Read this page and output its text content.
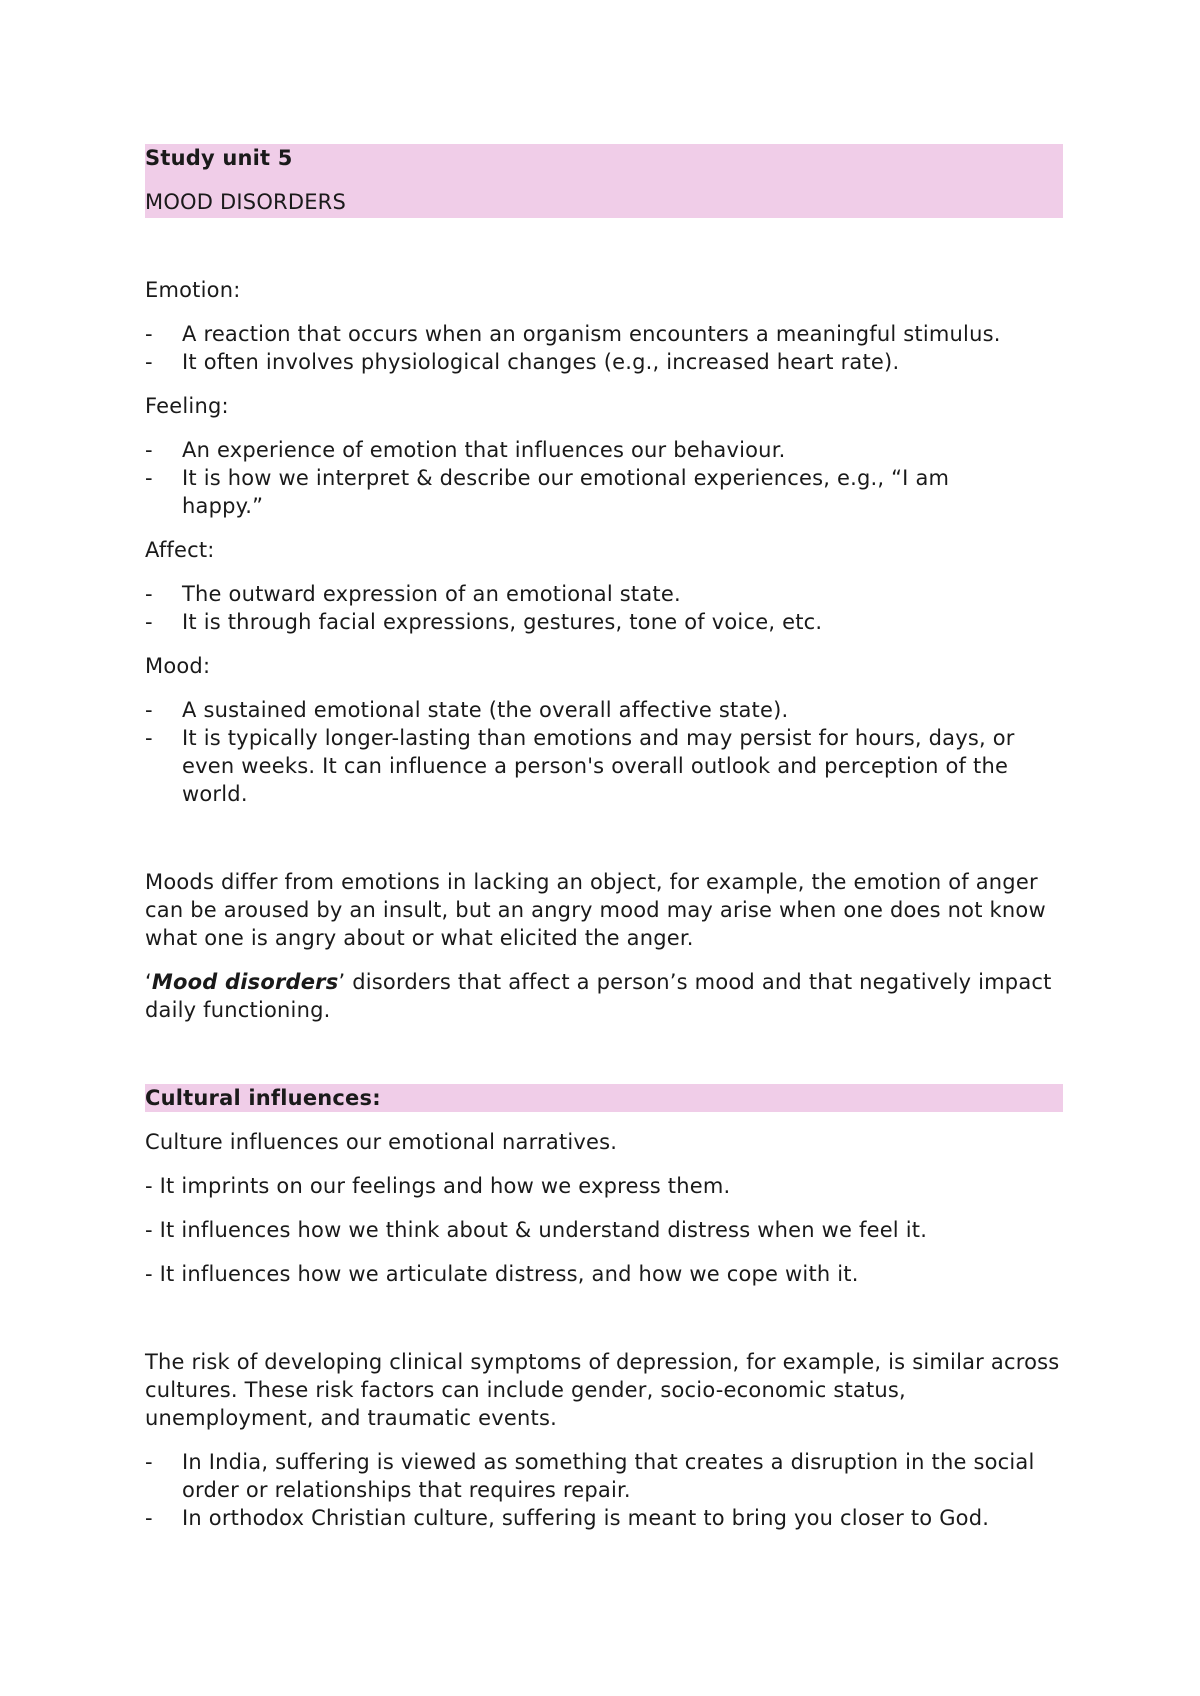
Study unit 5
MOOD DISORDERS

Emotion:

- A reaction that occurs when an organism encounters a meaningful stimulus.
- It often involves physiological changes (e.g., increased heart rate).

Feeling:

- An experience of emotion that influences our behaviour.
- It is how we interpret & describe our emotional experiences, e.g., “I am happy.”

Affect:

- The outward expression of an emotional state.
- It is through facial expressions, gestures, tone of voice, etc.

Mood:

- A sustained emotional state (the overall affective state).
- It is typically longer-lasting than emotions and may persist for hours, days, or even weeks. It can influence a person's overall outlook and perception of the world.

Moods differ from emotions in lacking an object, for example, the emotion of anger can be aroused by an insult, but an angry mood may arise when one does not know what one is angry about or what elicited the anger.

‘Mood disorders’ disorders that affect a person’s mood and that negatively impact daily functioning.

Cultural influences:

Culture influences our emotional narratives.

- It imprints on our feelings and how we express them.

- It influences how we think about & understand distress when we feel it.

- It influences how we articulate distress, and how we cope with it.

The risk of developing clinical symptoms of depression, for example, is similar across cultures. These risk factors can include gender, socio-economic status, unemployment, and traumatic events.

- In India, suffering is viewed as something that creates a disruption in the social order or relationships that requires repair.
- In orthodox Christian culture, suffering is meant to bring you closer to God.
